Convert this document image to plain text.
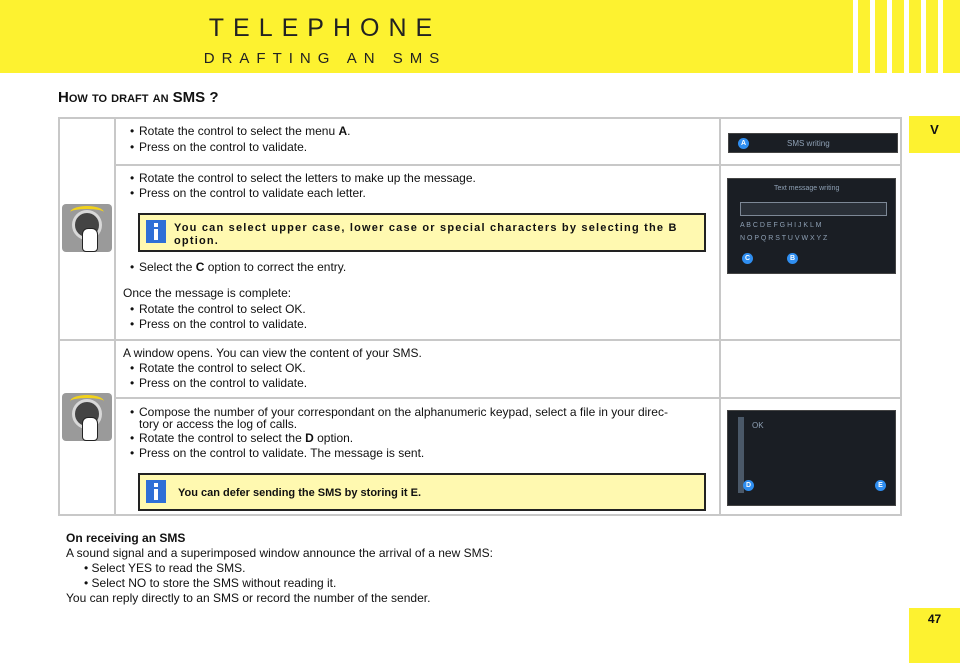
TELEPHONE
DRAFTING AN SMS
How to draft an SMS ?
V
• Rotate the control to select the menu A.
• Press on the control to validate.	A	SMS writing
• Rotate the control to select the letters to make up the message.
• Press on the control to validate each letter.
You can select upper case, lower case or special characters by selecting the B option.
• Select the C option to correct the entry.
Once the message is complete:
• Rotate the control to select OK.
• Press on the control to validate.
Text message writing
A B C D E F G H I J K L M
N O P Q R S T U V W X Y Z
C	B
A window opens. You can view the content of your SMS.
• Rotate the control to select OK.
• Press on the control to validate.
• Compose the number of your correspondant on the alphanumeric keypad, select a file in your direc-
tory or access the log of calls.
• Rotate the control to select the D option.
• Press on the control to validate. The message is sent.
You can defer sending the SMS by storing it E.
OK
D	E
On receiving an SMS
A sound signal and a superimposed window announce the arrival of a new SMS:
• Select YES to read the SMS.
• Select NO to store the SMS without reading it.
You can reply directly to an SMS or record the number of the sender.
47
